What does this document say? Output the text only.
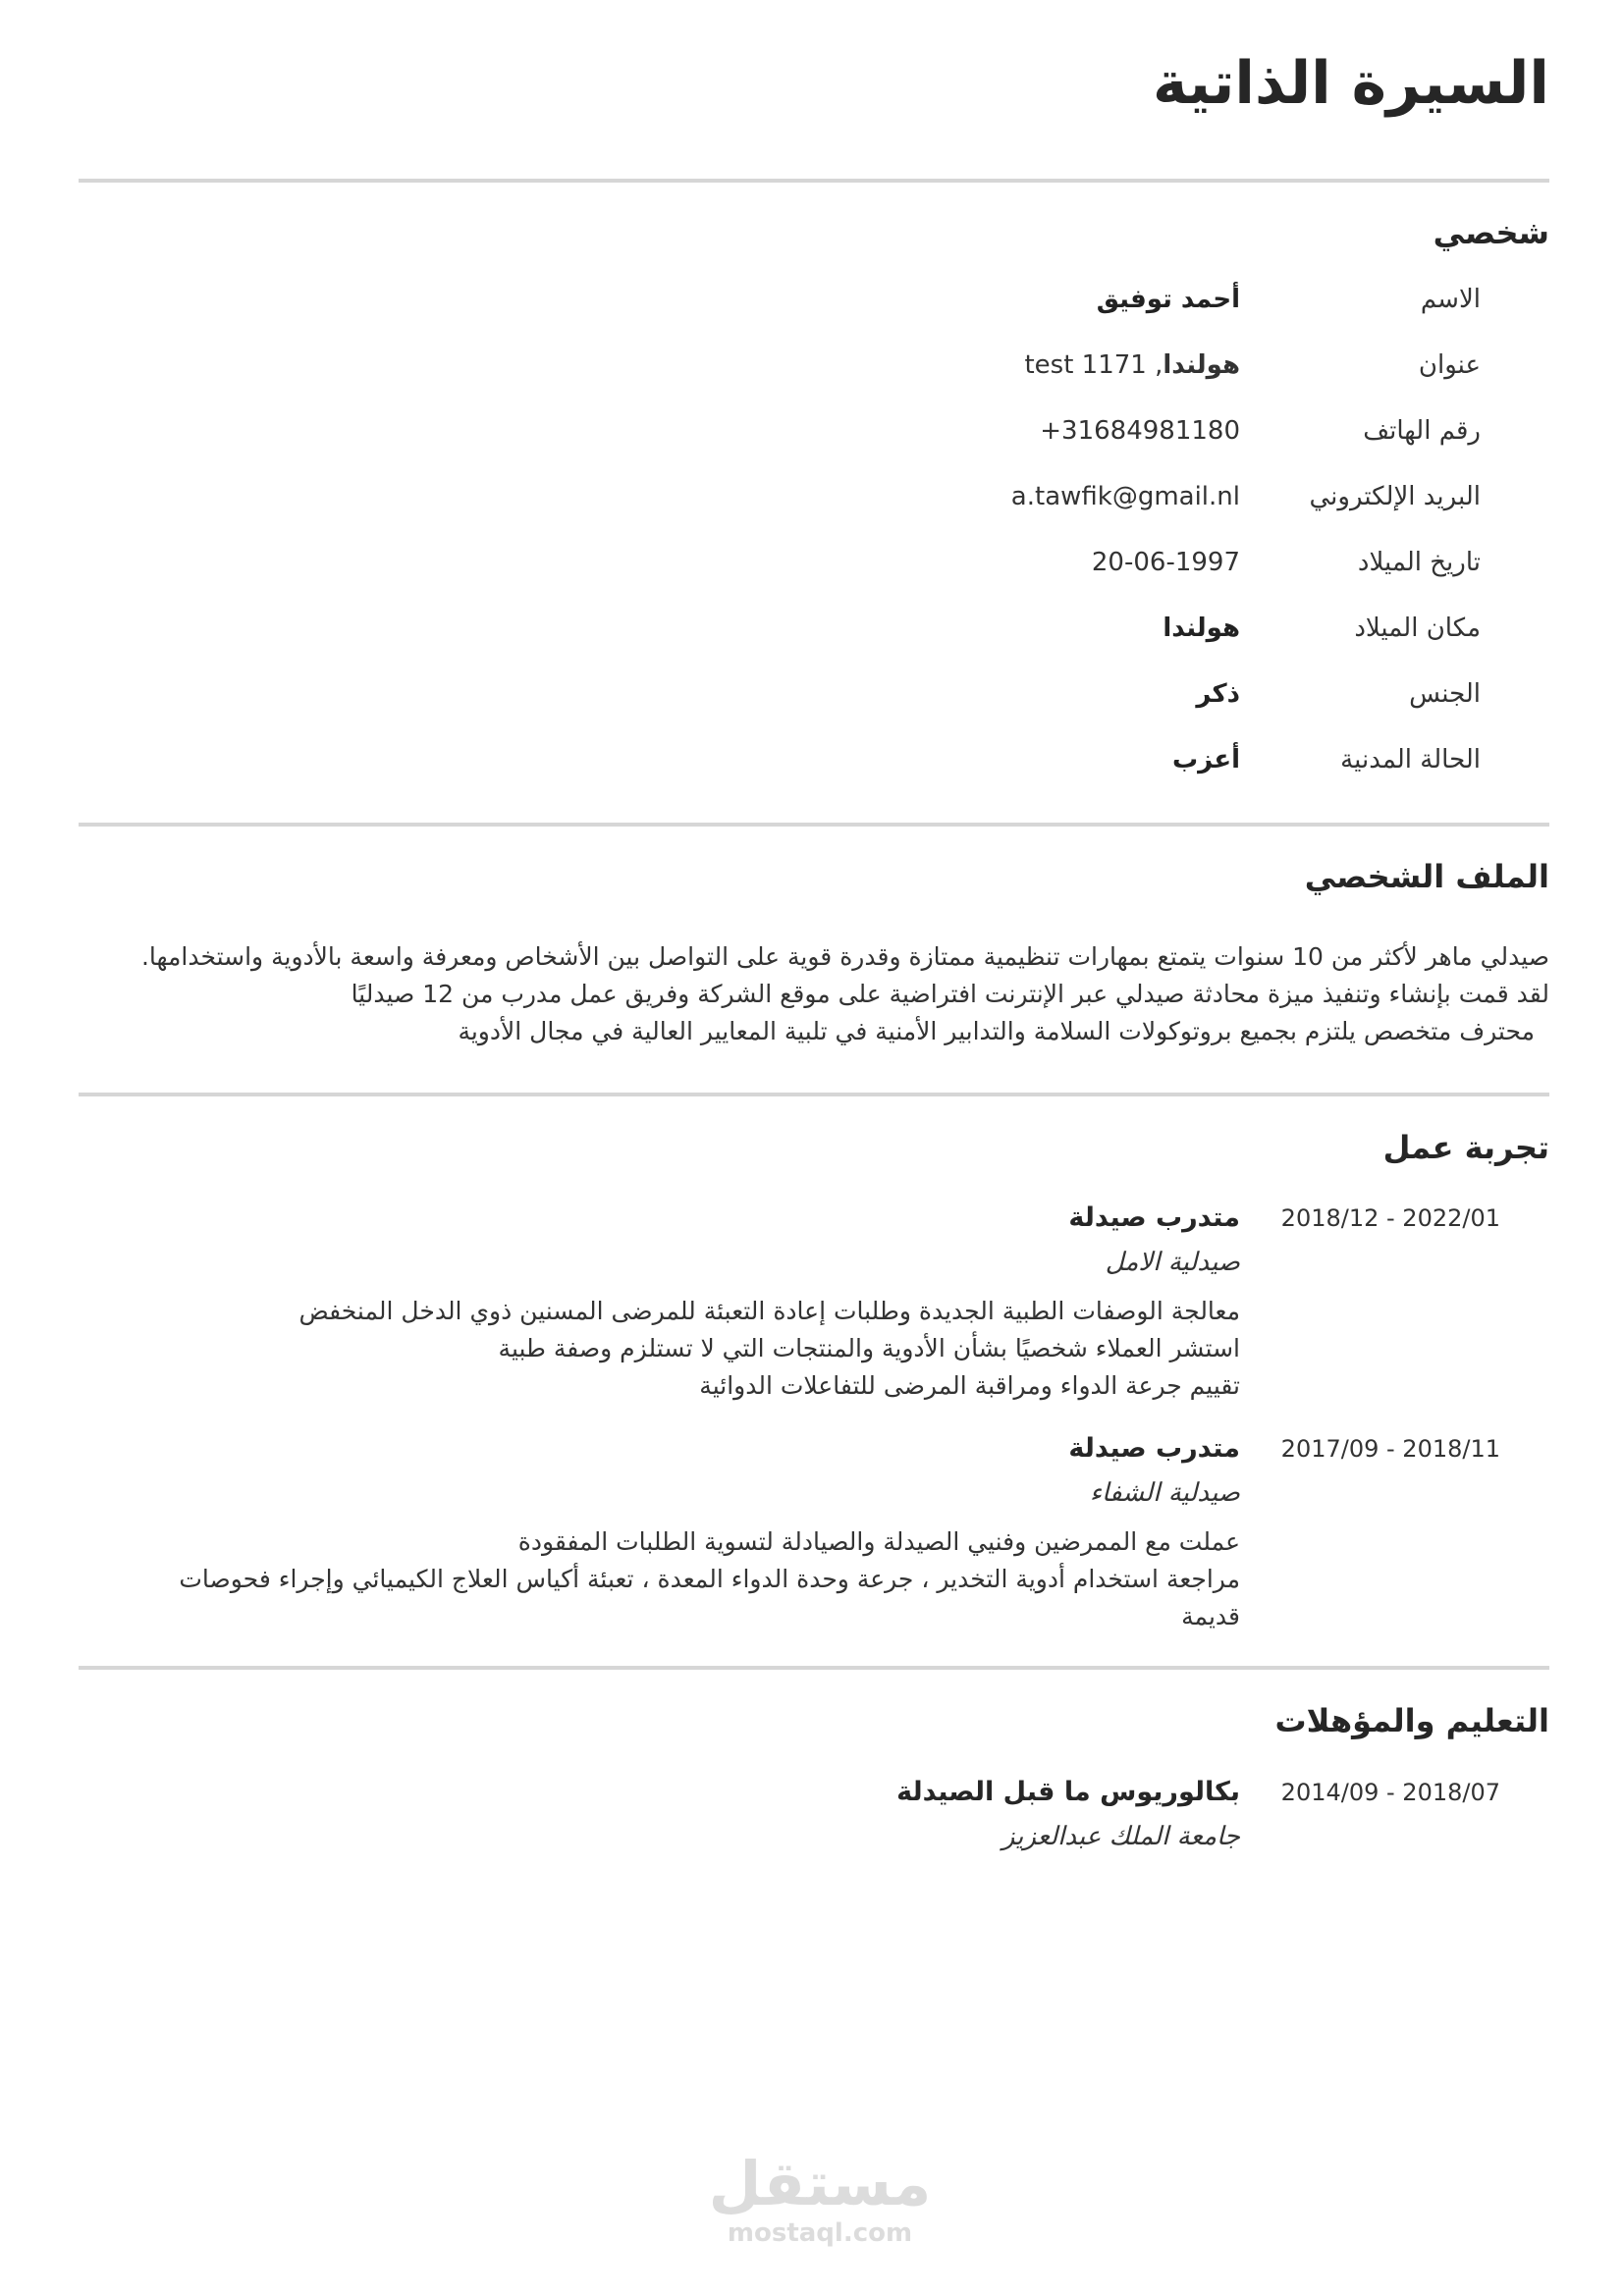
السيرة الذاتية
شخصي
الاسم
أحمد توفيق
عنوان
هولندا, test 1171
رقم الهاتف
+31684981180
البريد الإلكتروني
a.tawfik@gmail.nl
تاريخ الميلاد
20-06-1997
مكان الميلاد
هولندا
الجنس
ذكر
الحالة المدنية
أعزب
الملف الشخصي
صيدلي ماهر لأكثر من 10 سنوات يتمتع بمهارات تنظيمية ممتازة وقدرة قوية على التواصل بين الأشخاص ومعرفة واسعة بالأدوية واستخدامها.
لقد قمت بإنشاء وتنفيذ ميزة محادثة صيدلي عبر الإنترنت افتراضية على موقع الشركة وفريق عمل مدرب من 12 صيدليًا
محترف متخصص يلتزم بجميع بروتوكولات السلامة والتدابير الأمنية في تلبية المعايير العالية في مجال الأدوية
تجربة عمل
2018/12 - 2022/01
متدرب صيدلة
صيدلية الامل
معالجة الوصفات الطبية الجديدة وطلبات إعادة التعبئة للمرضى المسنين ذوي الدخل المنخفض
استشر العملاء شخصيًا بشأن الأدوية والمنتجات التي لا تستلزم وصفة طبية
تقييم جرعة الدواء ومراقبة المرضى للتفاعلات الدوائية
2017/09 - 2018/11
متدرب صيدلة
صيدلية الشفاء
عملت مع الممرضين وفنيي الصيدلة والصيادلة لتسوية الطلبات المفقودة
مراجعة استخدام أدوية التخدير ، جرعة وحدة الدواء المعدة ، تعبئة أكياس العلاج الكيميائي وإجراء فحوصات
قديمة
التعليم والمؤهلات
2014/09 - 2018/07
بكالوريوس ما قبل الصيدلة
جامعة الملك عبدالعزيز
مستقل
mostaql.com
